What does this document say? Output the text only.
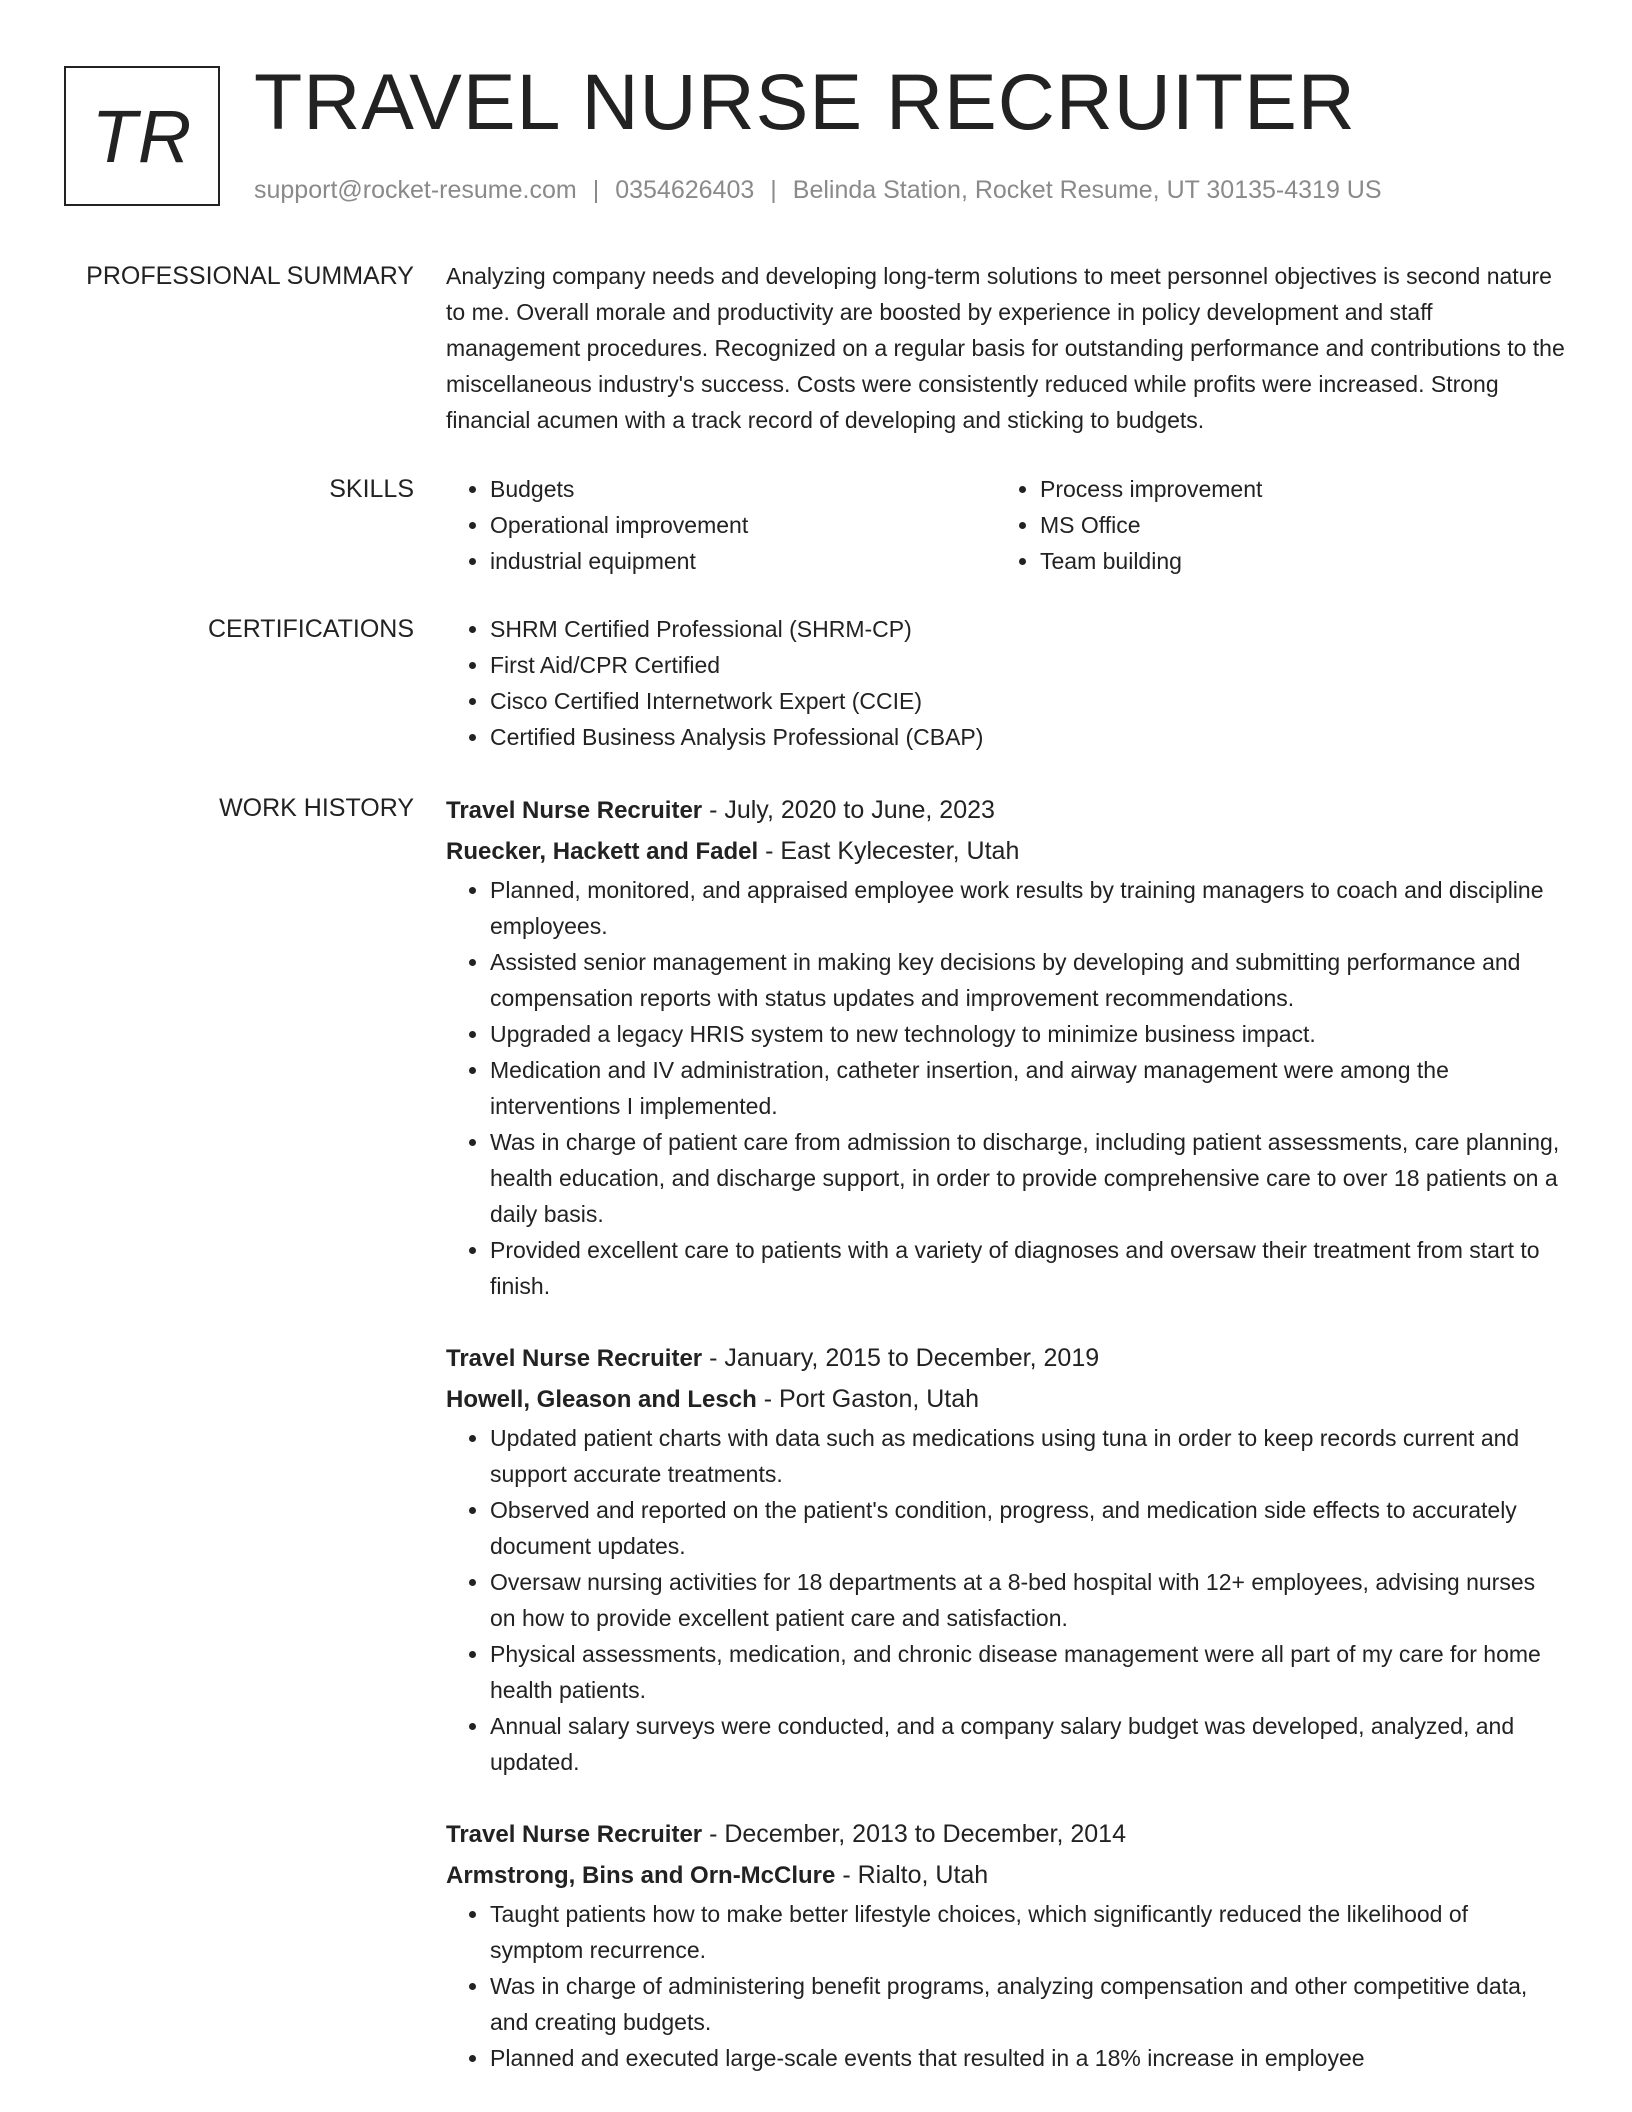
TR TRAVEL NURSE RECRUITER
support@rocket-resume.com | 0354626403 | Belinda Station, Rocket Resume, UT 30135-4319 US
PROFESSIONAL SUMMARY Analyzing company needs and developing long-term solutions to meet personnel objectives is second nature to me. Overall morale and productivity are boosted by experience in policy development and staff management procedures. Recognized on a regular basis for outstanding performance and contributions to the miscellaneous industry's success. Costs were consistently reduced while profits were increased. Strong financial acumen with a track record of developing and sticking to budgets.

SKILLS	• Budgets
• Operational improvement
• industrial equipment
• Process improvement
• MS Office
• Team building
CERTIFICATIONS	• SHRM Certified Professional (SHRM-CP)
• First Aid/CPR Certified
• Cisco Certified Internetwork Expert (CCIE)
• Certified Business Analysis Professional (CBAP)
WORK HISTORY Travel Nurse Recruiter - July, 2020 to June, 2023
Ruecker, Hackett and Fadel - East Kylecester, Utah
• Planned, monitored, and appraised employee work results by training managers to coach and discipline employees.
• Assisted senior management in making key decisions by developing and submitting performance and compensation reports with status updates and improvement recommendations.
• Upgraded a legacy HRIS system to new technology to minimize business impact.
• Medication and IV administration, catheter insertion, and airway management were among the interventions I implemented.
• Was in charge of patient care from admission to discharge, including patient assessments, care planning, health education, and discharge support, in order to provide comprehensive care to over 18 patients on a daily basis.
• Provided excellent care to patients with a variety of diagnoses and oversaw their treatment from start to finish.
Travel Nurse Recruiter - January, 2015 to December, 2019
Howell, Gleason and Lesch - Port Gaston, Utah
• Updated patient charts with data such as medications using tuna in order to keep records current and support accurate treatments.
• Observed and reported on the patient's condition, progress, and medication side effects to accurately document updates.
• Oversaw nursing activities for 18 departments at a 8-bed hospital with 12+ employees, advising nurses on how to provide excellent patient care and satisfaction.
• Physical assessments, medication, and chronic disease management were all part of my care for home health patients.
• Annual salary surveys were conducted, and a company salary budget was developed, analyzed, and updated.
Travel Nurse Recruiter - December, 2013 to December, 2014
Armstrong, Bins and Orn-McClure - Rialto, Utah
• Taught patients how to make better lifestyle choices, which significantly reduced the likelihood of symptom recurrence.
• Was in charge of administering benefit programs, analyzing compensation and other competitive data, and creating budgets.
• Planned and executed large-scale events that resulted in a 18% increase in employee
